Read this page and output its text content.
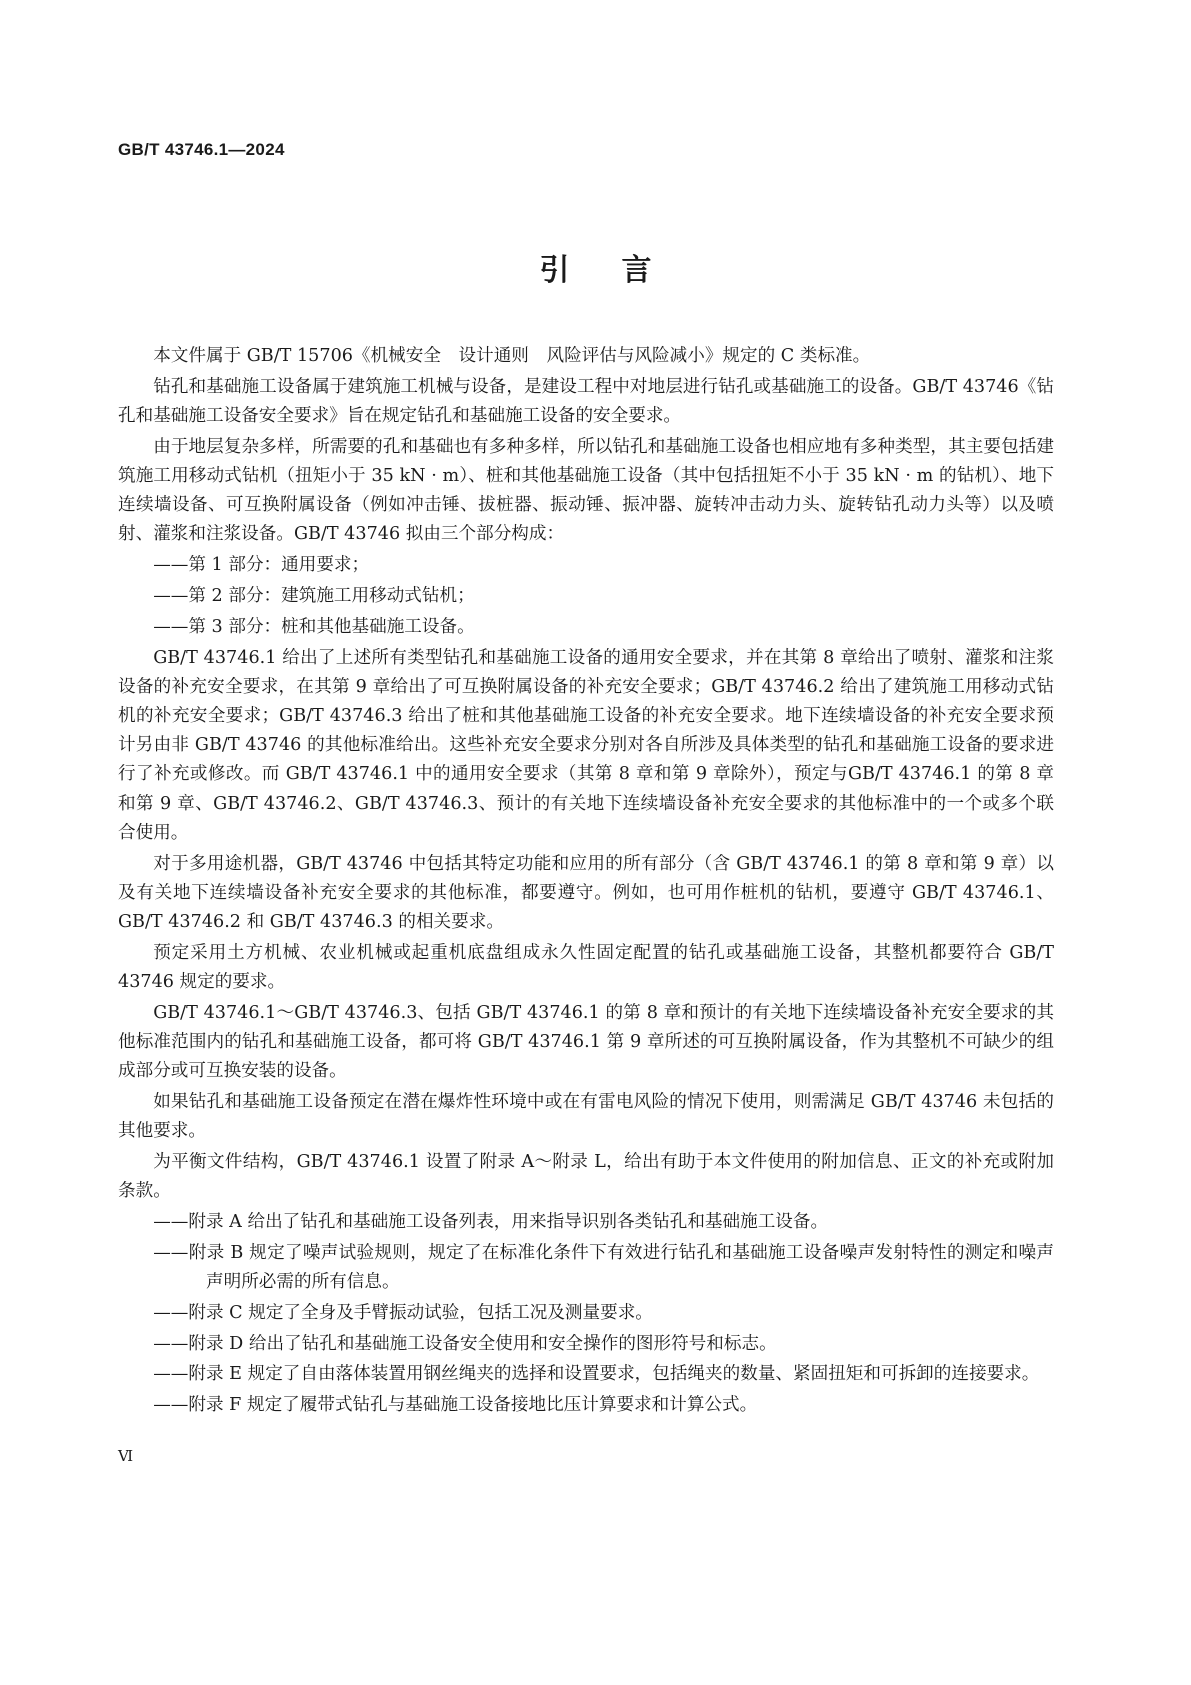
GB/T 43746.1—2024
引言

本文件属于 GB/T 15706《机械安全　设计通则　风险评估与风险减小》规定的 C 类标准。

钻孔和基础施工设备属于建筑施工机械与设备，是建设工程中对地层进行钻孔或基础施工的设备。GB/T 43746《钻孔和基础施工设备安全要求》旨在规定钻孔和基础施工设备的安全要求。

由于地层复杂多样，所需要的孔和基础也有多种多样，所以钻孔和基础施工设备也相应地有多种类型，其主要包括建筑施工用移动式钻机（扭矩小于 35 kN · m）、桩和其他基础施工设备（其中包括扭矩不小于 35 kN · m 的钻机）、地下连续墙设备、可互换附属设备（例如冲击锤、拔桩器、振动锤、振冲器、旋转冲击动力头、旋转钻孔动力头等）以及喷射、灌浆和注浆设备。GB/T 43746 拟由三个部分构成：

——第 1 部分：通用要求；

——第 2 部分：建筑施工用移动式钻机；

——第 3 部分：桩和其他基础施工设备。

GB/T 43746.1 给出了上述所有类型钻孔和基础施工设备的通用安全要求，并在其第 8 章给出了喷射、灌浆和注浆设备的补充安全要求，在其第 9 章给出了可互换附属设备的补充安全要求；GB/T 43746.2 给出了建筑施工用移动式钻机的补充安全要求；GB/T 43746.3 给出了桩和其他基础施工设备的补充安全要求。地下连续墙设备的补充安全要求预计另由非 GB/T 43746 的其他标准给出。这些补充安全要求分别对各自所涉及具体类型的钻孔和基础施工设备的要求进行了补充或修改。而 GB/T 43746.1 中的通用安全要求（其第 8 章和第 9 章除外），预定与GB/T 43746.1 的第 8 章和第 9 章、GB/T 43746.2、GB/T 43746.3、预计的有关地下连续墙设备补充安全要求的其他标准中的一个或多个联合使用。

对于多用途机器，GB/T 43746 中包括其特定功能和应用的所有部分（含 GB/T 43746.1 的第 8 章和第 9 章）以及有关地下连续墙设备补充安全要求的其他标准，都要遵守。例如，也可用作桩机的钻机，要遵守 GB/T 43746.1、GB/T 43746.2 和 GB/T 43746.3 的相关要求。

预定采用土方机械、农业机械或起重机底盘组成永久性固定配置的钻孔或基础施工设备，其整机都要符合 GB/T 43746 规定的要求。

GB/T 43746.1～GB/T 43746.3、包括 GB/T 43746.1 的第 8 章和预计的有关地下连续墙设备补充安全要求的其他标准范围内的钻孔和基础施工设备，都可将 GB/T 43746.1 第 9 章所述的可互换附属设备，作为其整机不可缺少的组成部分或可互换安装的设备。

如果钻孔和基础施工设备预定在潜在爆炸性环境中或在有雷电风险的情况下使用，则需满足 GB/T 43746 未包括的其他要求。

为平衡文件结构，GB/T 43746.1 设置了附录 A～附录 L，给出有助于本文件使用的附加信息、正文的补充或附加条款。

——附录 A 给出了钻孔和基础施工设备列表，用来指导识别各类钻孔和基础施工设备。

——附录 B 规定了噪声试验规则，规定了在标准化条件下有效进行钻孔和基础施工设备噪声发射特性的测定和噪声声明所必需的所有信息。

——附录 C 规定了全身及手臂振动试验，包括工况及测量要求。

——附录 D 给出了钻孔和基础施工设备安全使用和安全操作的图形符号和标志。

——附录 E 规定了自由落体装置用钢丝绳夹的选择和设置要求，包括绳夹的数量、紧固扭矩和可拆卸的连接要求。

——附录 F 规定了履带式钻孔与基础施工设备接地比压计算要求和计算公式。

Ⅵ
